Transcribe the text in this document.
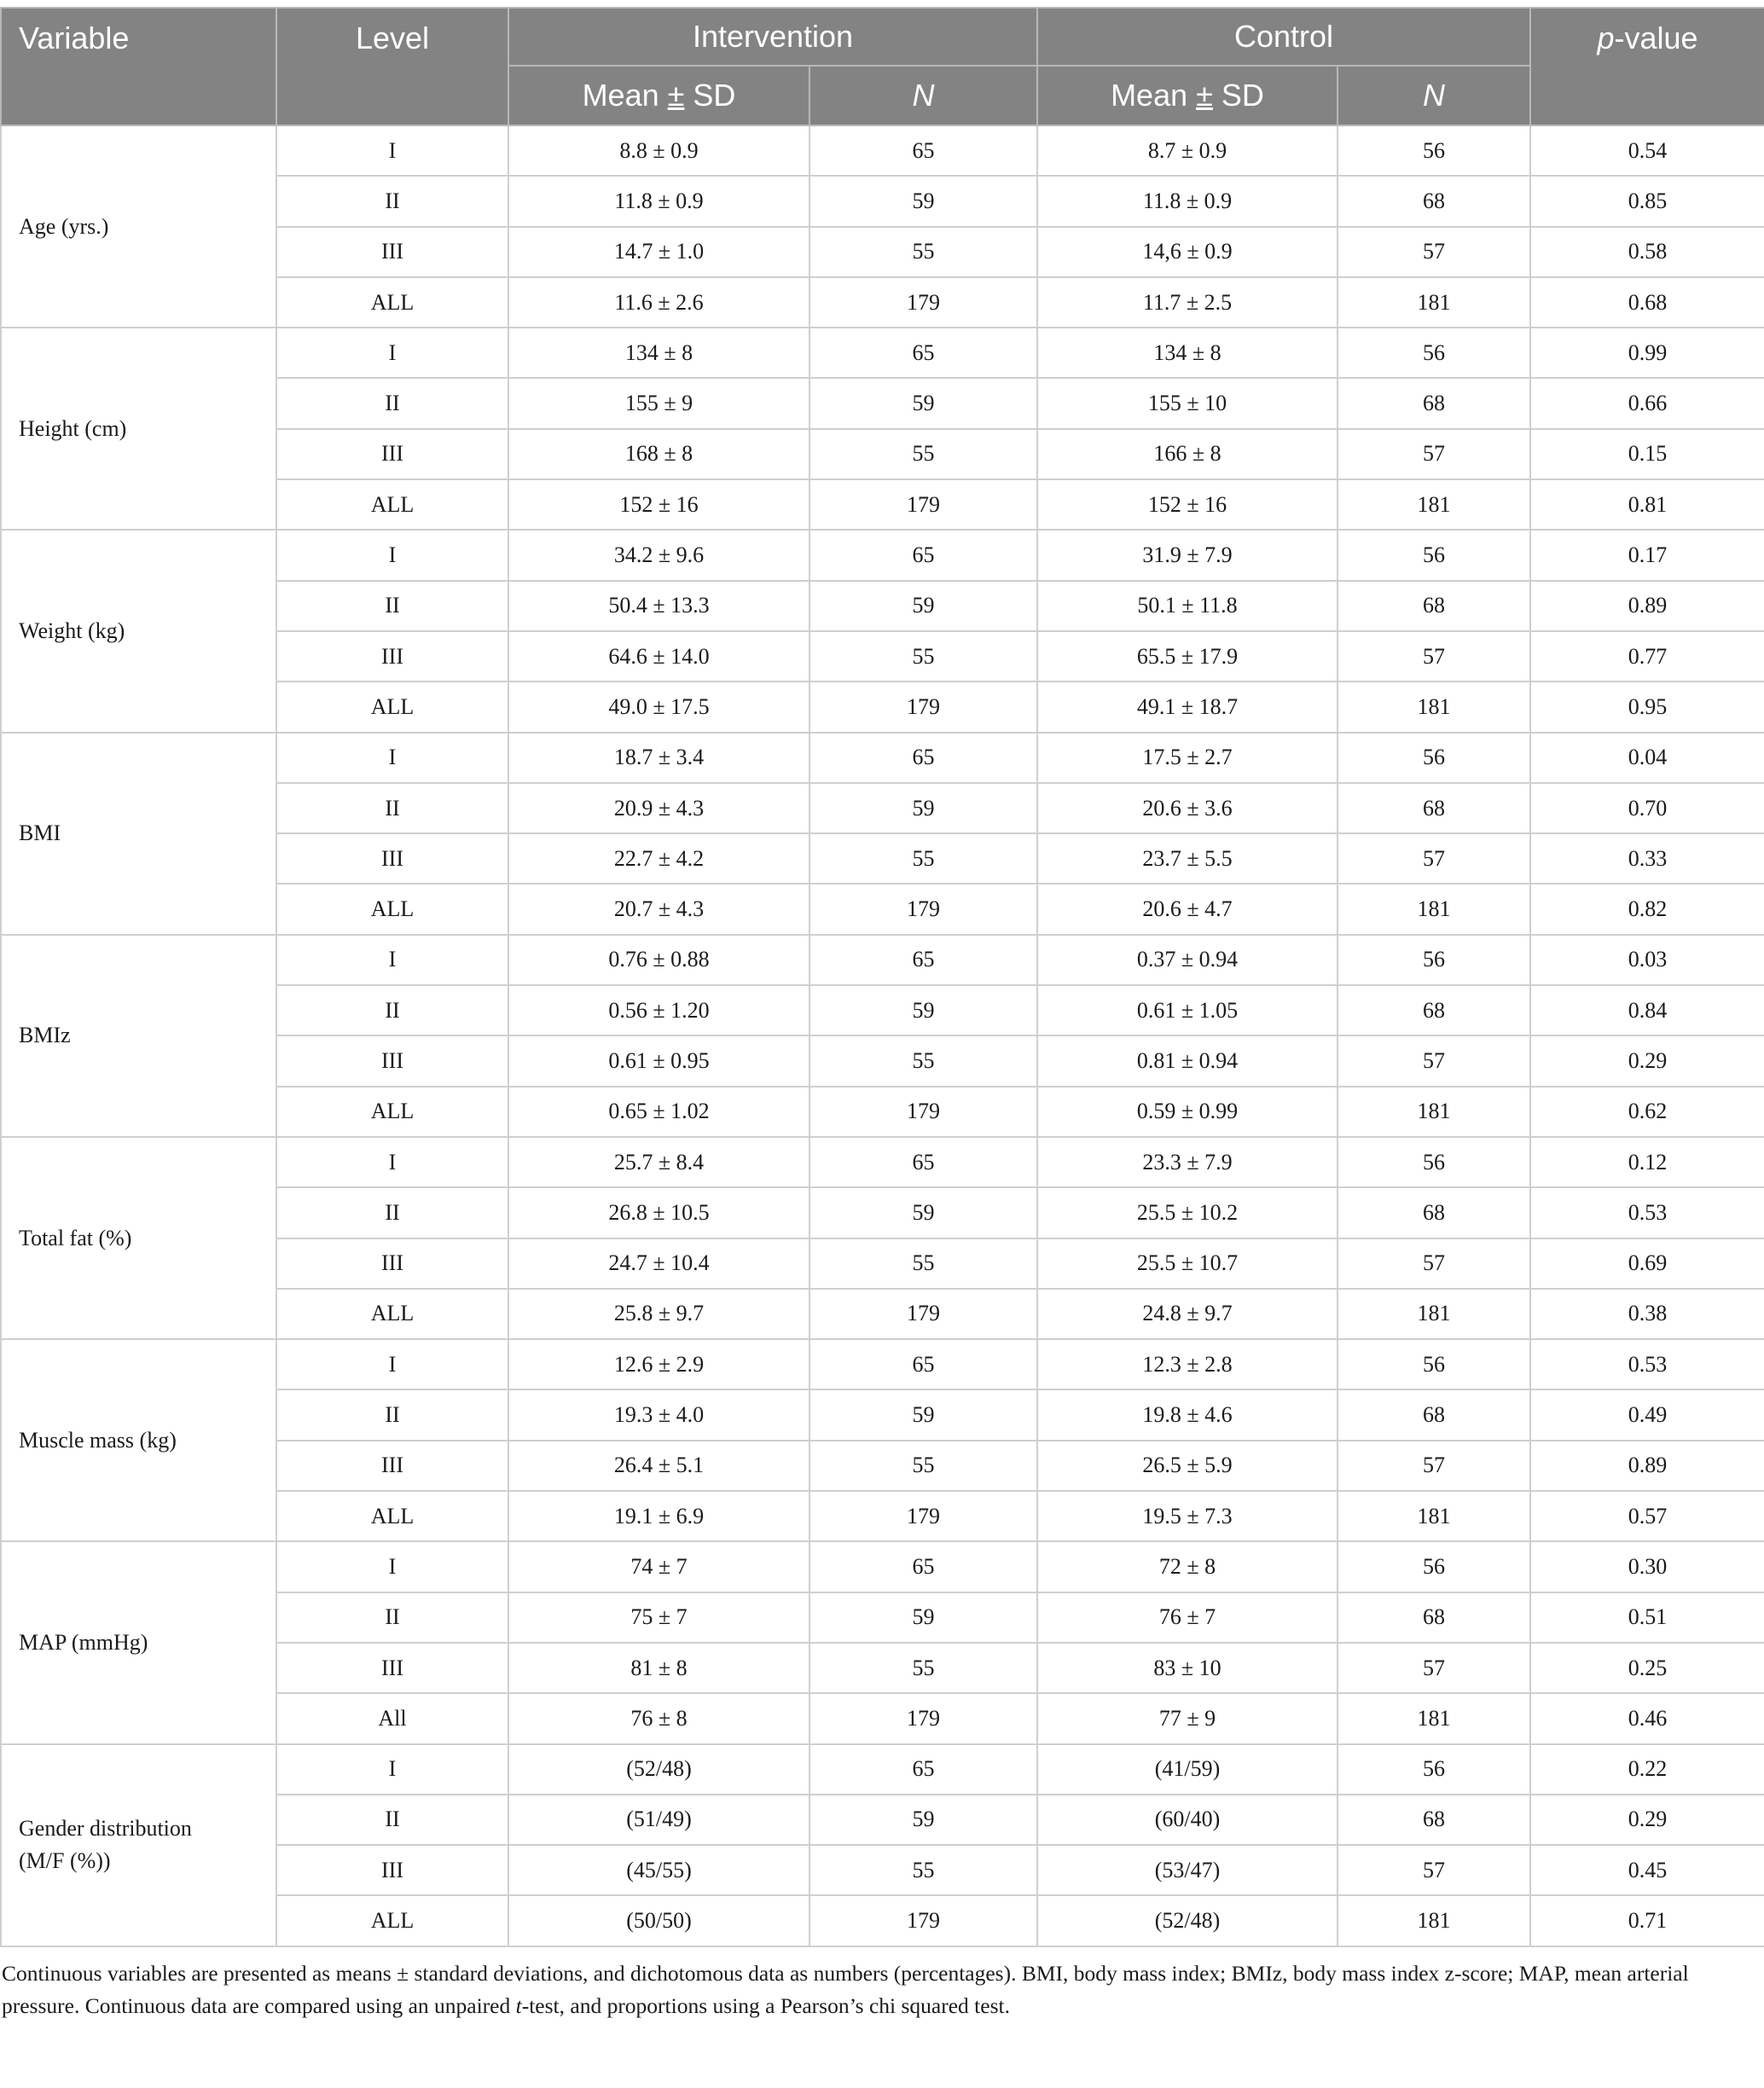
Variable	Level	Intervention		Control		p-value
		Mean ± SD	N	Mean ± SD	N	
Age (yrs.)	I	8.8 ± 0.9	65	8.7 ± 0.9	56	0.54
	II	11.8 ± 0.9	59	11.8 ± 0.9	68	0.85
	III	14.7 ± 1.0	55	14,6 ± 0.9	57	0.58
	ALL	11.6 ± 2.6	179	11.7 ± 2.5	181	0.68
Height (cm)	I	134 ± 8	65	134 ± 8	56	0.99
	II	155 ± 9	59	155 ± 10	68	0.66
	III	168 ± 8	55	166 ± 8	57	0.15
	ALL	152 ± 16	179	152 ± 16	181	0.81
Weight (kg)	I	34.2 ± 9.6	65	31.9 ± 7.9	56	0.17
	II	50.4 ± 13.3	59	50.1 ± 11.8	68	0.89
	III	64.6 ± 14.0	55	65.5 ± 17.9	57	0.77
	ALL	49.0 ± 17.5	179	49.1 ± 18.7	181	0.95
BMI	I	18.7 ± 3.4	65	17.5 ± 2.7	56	0.04
	II	20.9 ± 4.3	59	20.6 ± 3.6	68	0.70
	III	22.7 ± 4.2	55	23.7 ± 5.5	57	0.33
	ALL	20.7 ± 4.3	179	20.6 ± 4.7	181	0.82
BMIz	I	0.76 ± 0.88	65	0.37 ± 0.94	56	0.03
	II	0.56 ± 1.20	59	0.61 ± 1.05	68	0.84
	III	0.61 ± 0.95	55	0.81 ± 0.94	57	0.29
	ALL	0.65 ± 1.02	179	0.59 ± 0.99	181	0.62
Total fat (%)	I	25.7 ± 8.4	65	23.3 ± 7.9	56	0.12
	II	26.8 ± 10.5	59	25.5 ± 10.2	68	0.53
	III	24.7 ± 10.4	55	25.5 ± 10.7	57	0.69
	ALL	25.8 ± 9.7	179	24.8 ± 9.7	181	0.38
Muscle mass (kg)	I	12.6 ± 2.9	65	12.3 ± 2.8	56	0.53
	II	19.3 ± 4.0	59	19.8 ± 4.6	68	0.49
	III	26.4 ± 5.1	55	26.5 ± 5.9	57	0.89
	ALL	19.1 ± 6.9	179	19.5 ± 7.3	181	0.57
MAP (mmHg)	I	74 ± 7	65	72 ± 8	56	0.30
	II	75 ± 7	59	76 ± 7	68	0.51
	III	81 ± 8	55	83 ± 10	57	0.25
	All	76 ± 8	179	77 ± 9	181	0.46
Gender distribution (M/F (%))	I	(52/48)	65	(41/59)	56	0.22
	II	(51/49)	59	(60/40)	68	0.29
	III	(45/55)	55	(53/47)	57	0.45
	ALL	(50/50)	179	(52/48)	181	0.71
Continuous variables are presented as means ± standard deviations, and dichotomous data as numbers (percentages). BMI, body mass index; BMIz, body mass index z-score; MAP, mean arterial pressure. Continuous data are compared using an unpaired t-test, and proportions using a Pearson’s chi squared test.
